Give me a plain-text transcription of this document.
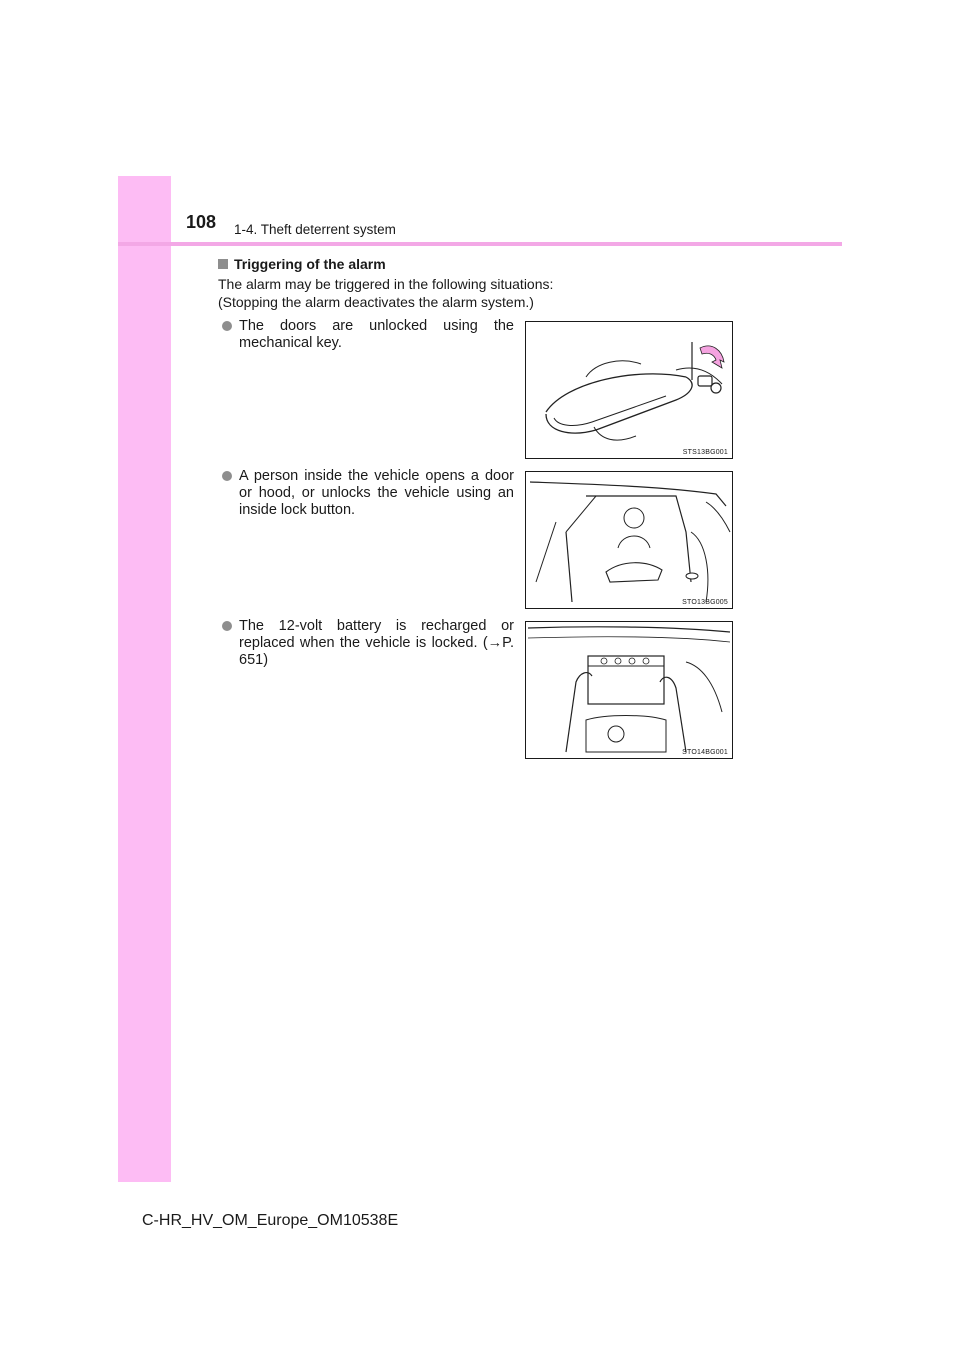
108 1-4. Theft deterrent system
Triggering of the alarm
The alarm may be triggered in the following situations:
(Stopping the alarm deactivates the alarm system.)
The doors are unlocked using the mechanical key.
STS13BG001
A person inside the vehicle opens a door or hood, or unlocks the vehicle using an inside lock button.
STO13BG005
The 12-volt battery is recharged or replaced when the vehicle is locked. (→P. 651)
STO14BG001
C-HR_HV_OM_Europe_OM10538E
